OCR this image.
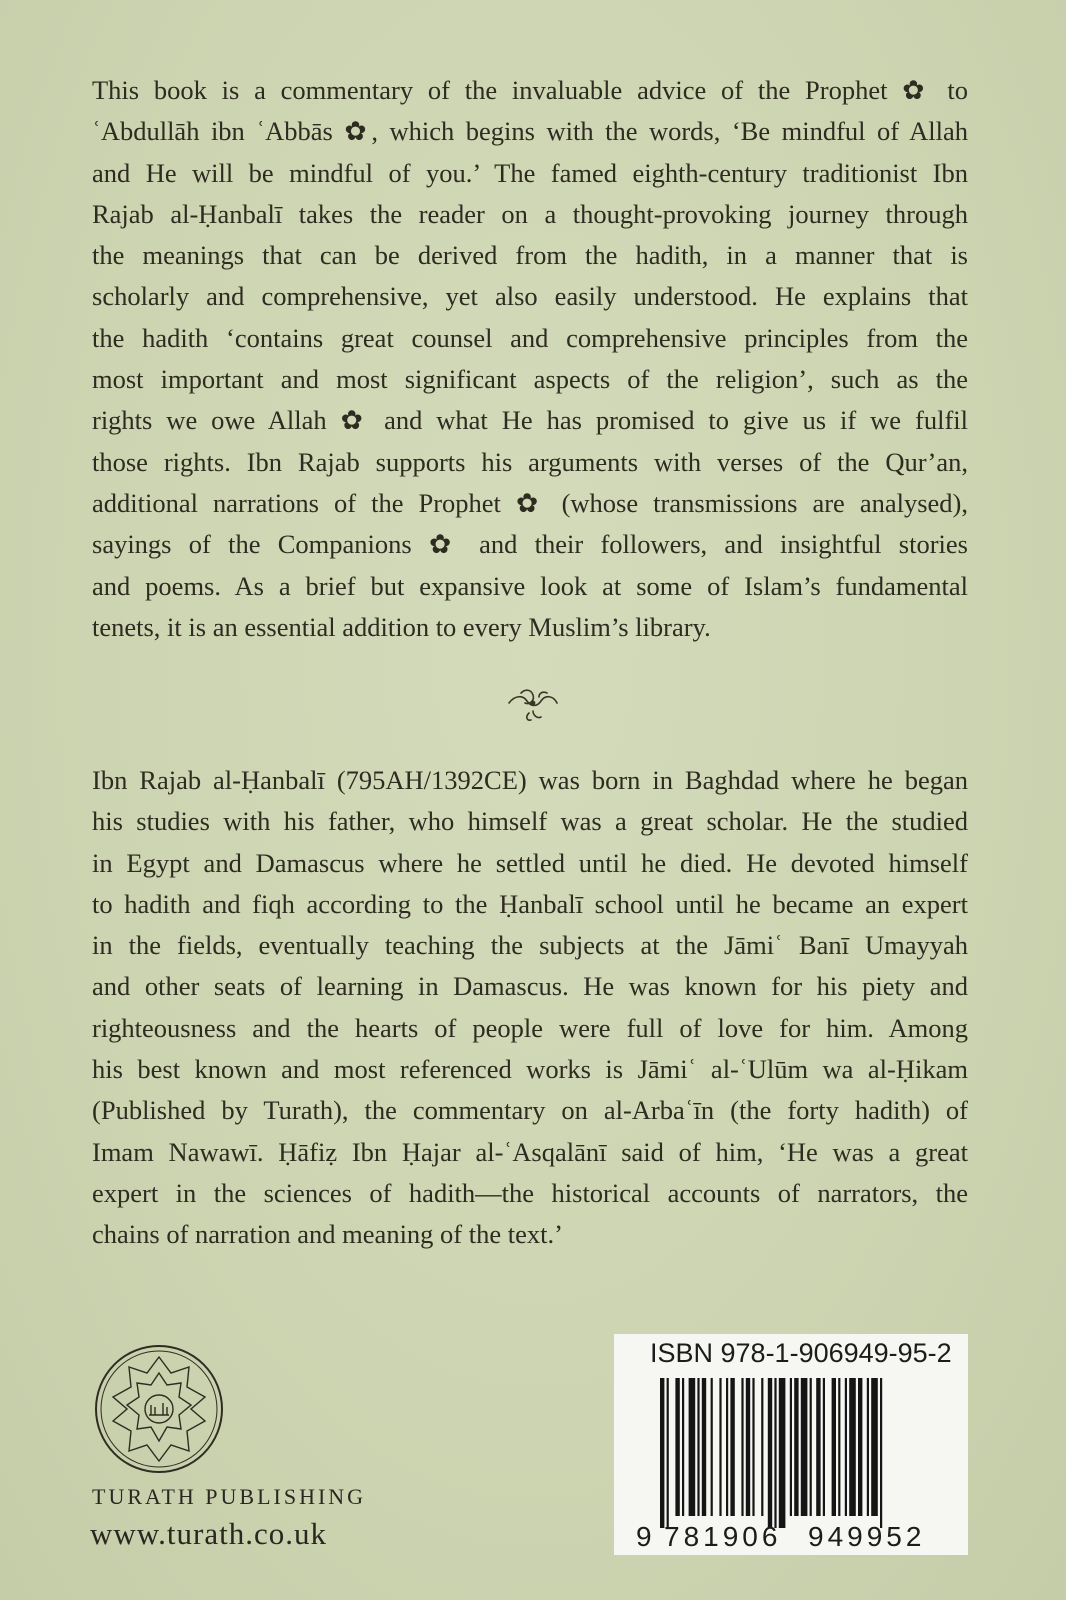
This book is a commentary of the invaluable advice of the Prophet ✿ to
ʿAbdullāh ibn ʿAbbās ✿, which begins with the words, ‘Be mindful of Allah
and He will be mindful of you.’ The famed eighth-century traditionist Ibn
Rajab al-Ḥanbalī takes the reader on a thought-provoking journey through
the meanings that can be derived from the hadith, in a manner that is
scholarly and comprehensive, yet also easily understood. He explains that
the hadith ‘contains great counsel and comprehensive principles from the
most important and most significant aspects of the religion’, such as the
rights we owe Allah ✿ and what He has promised to give us if we fulfil
those rights. Ibn Rajab supports his arguments with verses of the Qur’an,
additional narrations of the Prophet ✿ (whose transmissions are analysed),
sayings of the Companions ✿ and their followers, and insightful stories
and poems. As a brief but expansive look at some of Islam’s fundamental
tenets, it is an essential addition to every Muslim’s library.
Ibn Rajab al-Ḥanbalī (795AH/1392CE) was born in Baghdad where he began
his studies with his father, who himself was a great scholar. He the studied
in Egypt and Damascus where he settled until he died. He devoted himself
to hadith and fiqh according to the Ḥanbalī school until he became an expert
in the fields, eventually teaching the subjects at the Jāmiʿ Banī Umayyah
and other seats of learning in Damascus. He was known for his piety and
righteousness and the hearts of people were full of love for him. Among
his best known and most referenced works is Jāmiʿ al-ʿUlūm wa al-Ḥikam
(Published by Turath), the commentary on al-Arbaʿīn (the forty hadith) of
Imam Nawawī. Ḥāfiẓ Ibn Ḥajar al-ʿAsqalānī said of him, ‘He was a great
expert in the sciences of hadith—the historical accounts of narrators, the
chains of narration and meaning of the text.’
TURATH PUBLISHING
www.turath.co.uk
ISBN 978-1-906949-95-2
9 781906 949952
